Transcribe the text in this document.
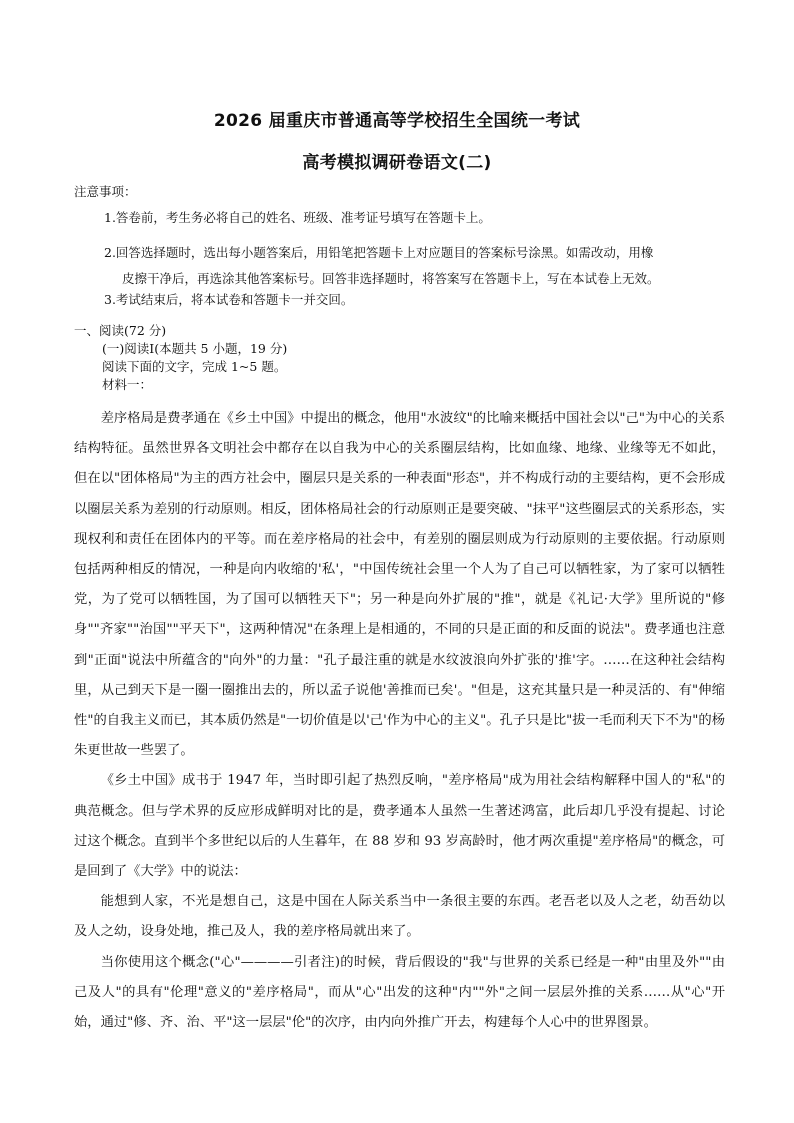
2026 届重庆市普通高等学校招生全国统一考试
高考模拟调研卷语文(二)
注意事项：
1.答卷前，考生务必将自己的姓名、班级、准考证号填写在答题卡上。
2.回答选择题时，选出每小题答案后，用铅笔把答题卡上对应题目的答案标号涂黑。如需改动，用橡
皮擦干净后，再选涂其他答案标号。回答非选择题时，将答案写在答题卡上，写在本试卷上无效。
3.考试结束后，将本试卷和答题卡一并交回。
一、阅读(72 分)
(一)阅读Ⅰ(本题共 5 小题，19 分)
阅读下面的文字，完成 1~5 题。
材料一：

差序格局是费孝通在《乡土中国》中提出的概念，他用"水波纹"的比喻来概括中国社会以"己"为中心的关系结构特征。虽然世界各文明社会中都存在以自我为中心的关系圈层结构，比如血缘、地缘、业缘等无不如此，但在以"团体格局"为主的西方社会中，圈层只是关系的一种表面"形态"，并不构成行动的主要结构，更不会形成以圈层关系为差别的行动原则。相反，团体格局社会的行动原则正是要突破、"抹平"这些圈层式的关系形态，实现权利和责任在团体内的平等。而在差序格局的社会中，有差别的圈层则成为行动原则的主要依据。行动原则包括两种相反的情况，一种是向内收缩的'私'，"中国传统社会里一个人为了自己可以牺牲家，为了家可以牺牲党，为了党可以牺牲国，为了国可以牺牲天下"；另一种是向外扩展的"推"，就是《礼记·大学》里所说的"修身""齐家""治国""平天下"，这两种情况"在条理上是相通的，不同的只是正面的和反面的说法"。费孝通也注意到"正面"说法中所蕴含的"向外"的力量："孔子最注重的就是水纹波浪向外扩张的'推'字。……在这种社会结构里，从己到天下是一圈一圈推出去的，所以孟子说他'善推而已矣'。"但是，这充其量只是一种灵活的、有"伸缩性"的自我主义而已，其本质仍然是"一切价值是以'己'作为中心的主义"。孔子只是比"拔一毛而利天下不为"的杨朱更世故一些罢了。

《乡土中国》成书于 1947 年，当时即引起了热烈反响，"差序格局"成为用社会结构解释中国人的"私"的典范概念。但与学术界的反应形成鲜明对比的是，费孝通本人虽然一生著述鸿富，此后却几乎没有提起、讨论过这个概念。直到半个多世纪以后的人生暮年，在 88 岁和 93 岁高龄时，他才两次重提"差序格局"的概念，可是回到了《大学》中的说法：

能想到人家，不光是想自己，这是中国在人际关系当中一条很主要的东西。老吾老以及人之老，幼吾幼以及人之幼，设身处地，推己及人，我的差序格局就出来了。

当你使用这个概念("心"————引者注)的时候，背后假设的"我"与世界的关系已经是一种"由里及外""由己及人"的具有"伦理"意义的"差序格局"，而从"心"出发的这种"内""外"之间一层层外推的关系……从"心"开始，通过"修、齐、治、平"这一层层"伦"的次序，由内向外推广开去，构建每个人心中的世界图景。
